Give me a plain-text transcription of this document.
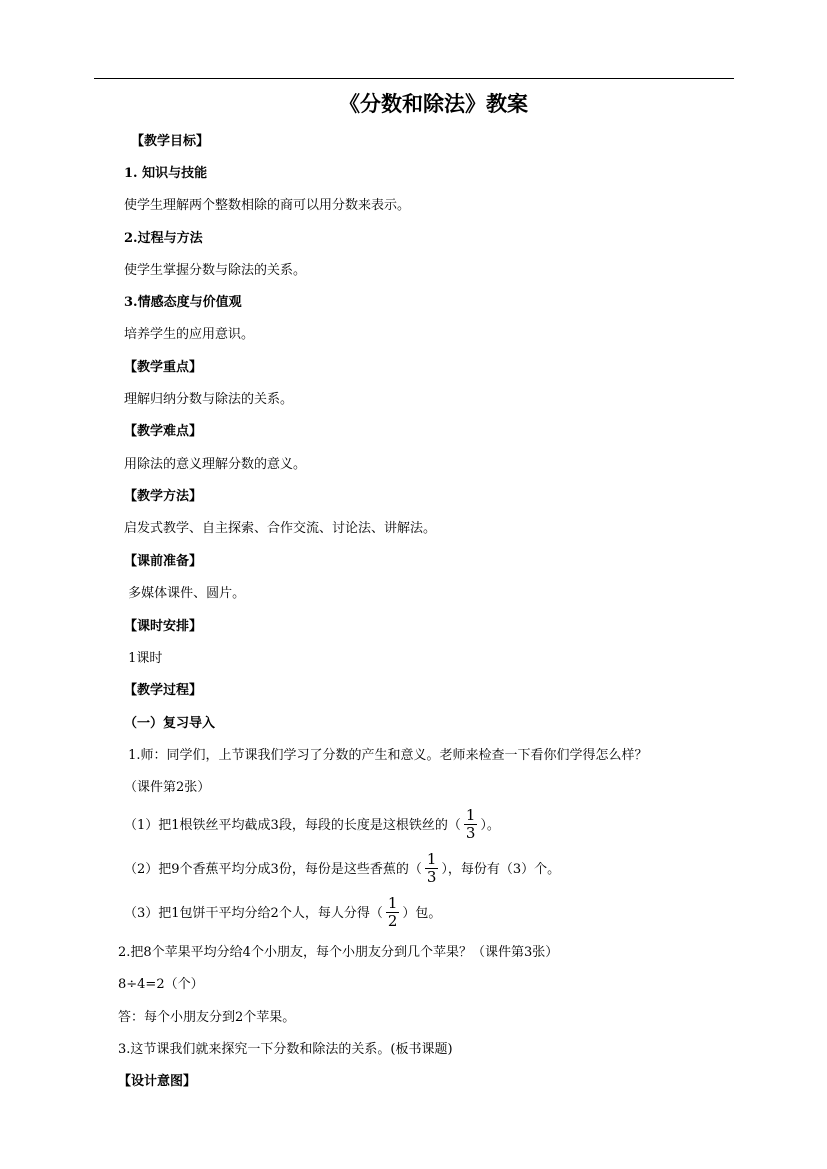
《分数和除法》教案
【教学目标】
1. 知识与技能
使学生理解两个整数相除的商可以用分数来表示。
2.过程与方法
使学生掌握分数与除法的关系。
3.情感态度与价值观
培养学生的应用意识。
【教学重点】
理解归纳分数与除法的关系。
【教学难点】
用除法的意义理解分数的意义。
【教学方法】
启发式教学、自主探索、合作交流、讨论法、讲解法。
【课前准备】
多媒体课件、圆片。
【课时安排】
1课时
【教学过程】
（一）复习导入
1.师：同学们，上节课我们学习了分数的产生和意义。老师来检查一下看你们学得怎么样？
（课件第2张）
（1）把1根铁丝平均截成3段，每段的长度是这根铁丝的（ $\frac{1}{3}$ ）。
（2）把9个香蕉平均分成3份，每份是这些香蕉的（ $\frac{1}{3}$ ），每份有（3）个。
（3）把1包饼干平均分给2个人，每人分得（ $\frac{1}{2}$ ）包。
2.把8个苹果平均分给4个小朋友，每个小朋友分到几个苹果？（课件第3张）
8÷4=2（个）
答：每个小朋友分到2个苹果。
3.这节课我们就来探究一下分数和除法的关系。(板书课题)
【设计意图】
